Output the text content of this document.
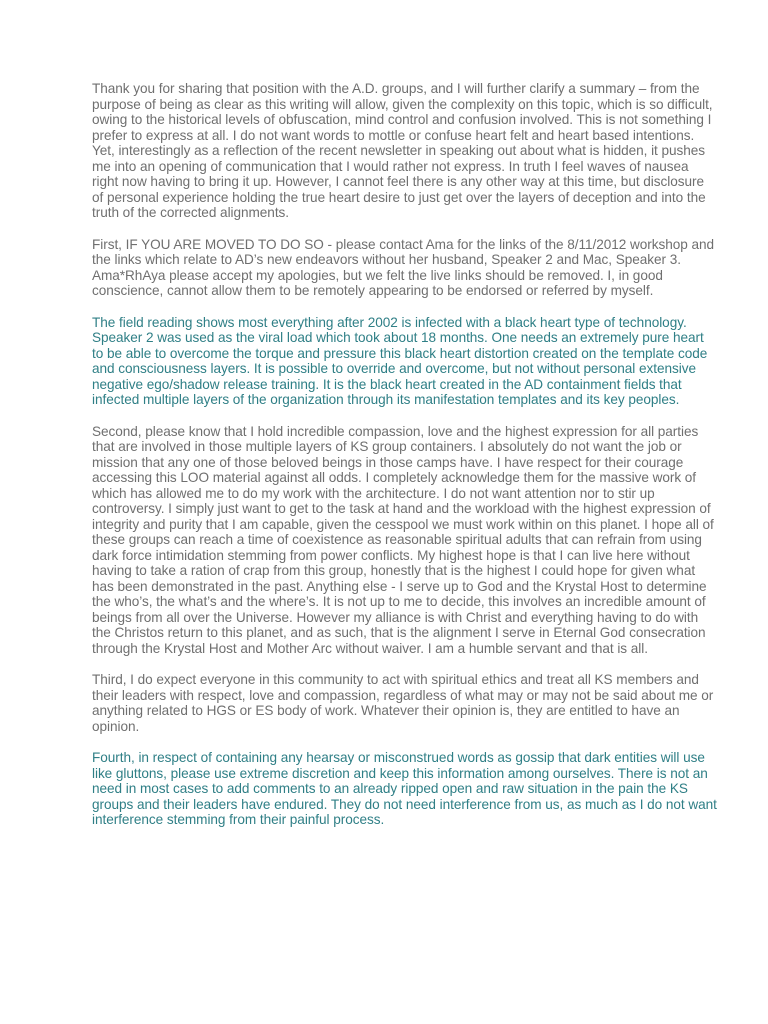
Thank you for sharing that position with the A.D. groups, and I will further clarify a summary – from the purpose of being as clear as this writing will allow, given the complexity on this topic, which is so difficult, owing to the historical levels of obfuscation, mind control and confusion involved. This is not something I prefer to express at all. I do not want words to mottle or confuse heart felt and heart based intentions. Yet, interestingly as a reflection of the recent newsletter in speaking out about what is hidden, it pushes me into an opening of communication that I would rather not express. In truth I feel waves of nausea right now having to bring it up. However, I cannot feel there is any other way at this time, but disclosure of personal experience holding the true heart desire to just get over the layers of deception and into the truth of the corrected alignments.

First, IF YOU ARE MOVED TO DO SO - please contact Ama for the links of the 8/11/2012 workshop and the links which relate to AD’s new endeavors without her husband, Speaker 2 and Mac, Speaker 3. Ama*RhAya please accept my apologies, but we felt the live links should be removed. I, in good conscience, cannot allow them to be remotely appearing to be endorsed or referred by myself.

The field reading shows most everything after 2002 is infected with a black heart type of technology. Speaker 2 was used as the viral load which took about 18 months. One needs an extremely pure heart to be able to overcome the torque and pressure this black heart distortion created on the template code and consciousness layers. It is possible to override and overcome, but not without personal extensive negative ego/shadow release training. It is the black heart created in the AD containment fields that infected multiple layers of the organization through its manifestation templates and its key peoples.

Second, please know that I hold incredible compassion, love and the highest expression for all parties that are involved in those multiple layers of KS group containers. I absolutely do not want the job or mission that any one of those beloved beings in those camps have. I have respect for their courage accessing this LOO material against all odds. I completely acknowledge them for the massive work of which has allowed me to do my work with the architecture. I do not want attention nor to stir up controversy. I simply just want to get to the task at hand and the workload with the highest expression of integrity and purity that I am capable, given the cesspool we must work within on this planet. I hope all of these groups can reach a time of coexistence as reasonable spiritual adults that can refrain from using dark force intimidation stemming from power conflicts. My highest hope is that I can live here without having to take a ration of crap from this group, honestly that is the highest I could hope for given what has been demonstrated in the past. Anything else - I serve up to God and the Krystal Host to determine the who’s, the what’s and the where’s. It is not up to me to decide, this involves an incredible amount of beings from all over the Universe. However my alliance is with Christ and everything having to do with the Christos return to this planet, and as such, that is the alignment I serve in Eternal God consecration through the Krystal Host and Mother Arc without waiver. I am a humble servant and that is all.

Third, I do expect everyone in this community to act with spiritual ethics and treat all KS members and their leaders with respect, love and compassion, regardless of what may or may not be said about me or anything related to HGS or ES body of work. Whatever their opinion is, they are entitled to have an opinion.

Fourth, in respect of containing any hearsay or misconstrued words as gossip that dark entities will use like gluttons, please use extreme discretion and keep this information among ourselves. There is not an need in most cases to add comments to an already ripped open and raw situation in the pain the KS groups and their leaders have endured. They do not need interference from us, as much as I do not want interference stemming from their painful process.
